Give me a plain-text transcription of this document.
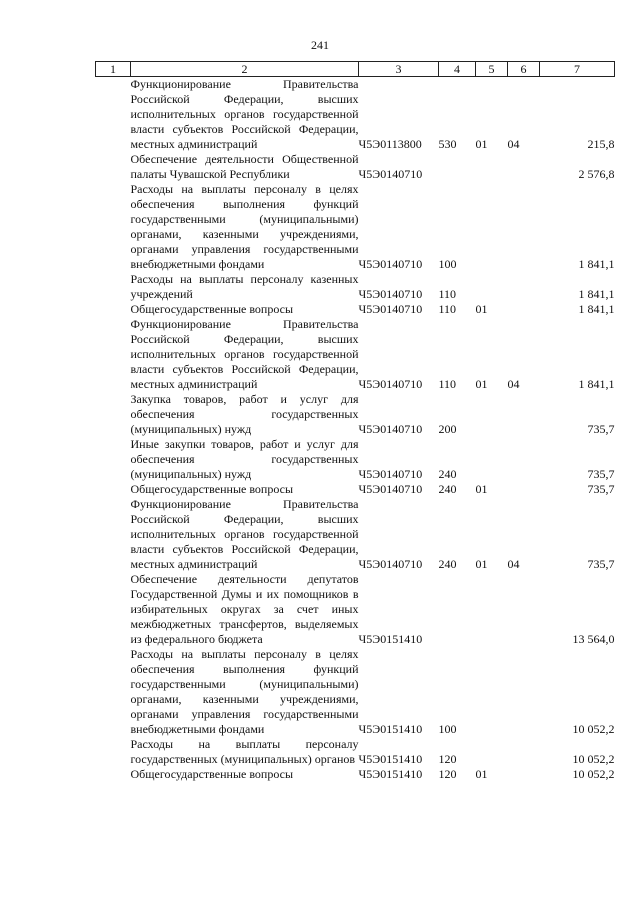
241
1	2	3	4	5	6	7
	Функционирование Правительства Российской Федерации, высших исполнительных органов государственной власти субъектов Российской Федерации, местных администраций	Ч5Э0113800	530	01	04	215,8
	Обеспечение деятельности Общественной палаты Чувашской Республики	Ч5Э0140710				2 576,8
	Расходы на выплаты персоналу в целях обеспечения выполнения функций государственными (муниципальными) органами, казенными учреждениями, органами управления государственными внебюджетными фондами	Ч5Э0140710	100			1 841,1
	Расходы на выплаты персоналу казенных учреждений	Ч5Э0140710	110			1 841,1
	Общегосударственные вопросы	Ч5Э0140710	110	01		1 841,1
	Функционирование Правительства Российской Федерации, высших исполнительных органов государственной власти субъектов Российской Федерации, местных администраций	Ч5Э0140710	110	01	04	1 841,1
	Закупка товаров, работ и услуг для обеспечения государственных (муниципальных) нужд	Ч5Э0140710	200			735,7
	Иные закупки товаров, работ и услуг для обеспечения государственных (муниципальных) нужд	Ч5Э0140710	240			735,7
	Общегосударственные вопросы	Ч5Э0140710	240	01		735,7
	Функционирование Правительства Российской Федерации, высших исполнительных органов государственной власти субъектов Российской Федерации, местных администраций	Ч5Э0140710	240	01	04	735,7
	Обеспечение деятельности депутатов Государственной Думы и их помощников в избирательных округах за счет иных межбюджетных трансфертов, выделяемых из федерального бюджета	Ч5Э0151410				13 564,0
	Расходы на выплаты персоналу в целях обеспечения выполнения функций государственными (муниципальными) органами, казенными учреждениями, органами управления государственными внебюджетными фондами	Ч5Э0151410	100			10 052,2
	Расходы на выплаты персоналу государственных (муниципальных) органов	Ч5Э0151410	120			10 052,2
	Общегосударственные вопросы	Ч5Э0151410	120	01		10 052,2
